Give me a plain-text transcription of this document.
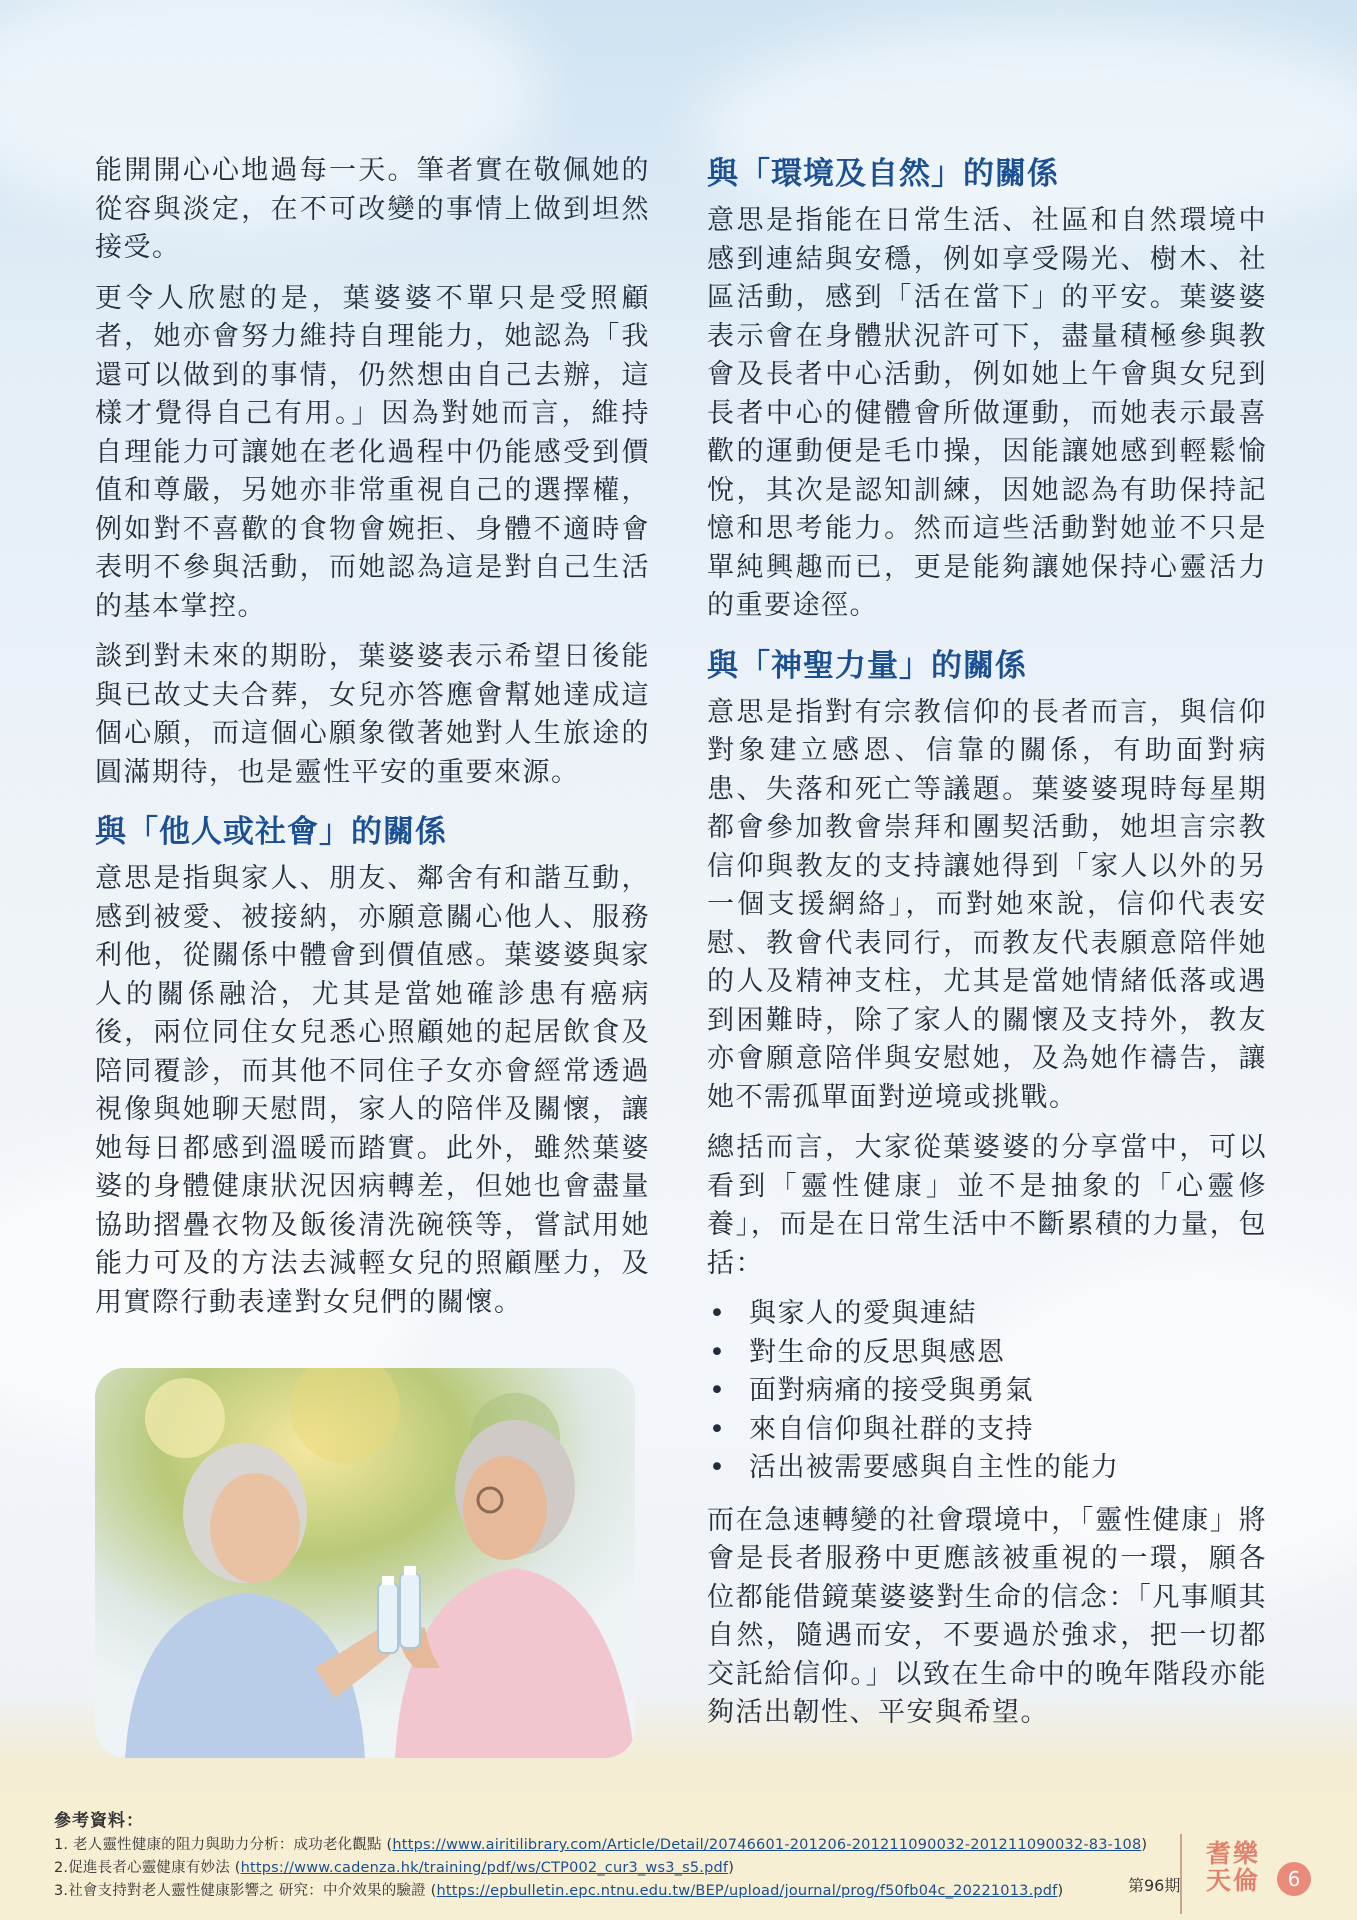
能開開心心地過每一天。筆者實在敬佩她的從容與淡定，在不可改變的事情上做到坦然接受。

更令人欣慰的是，葉婆婆不單只是受照顧者，她亦會努力維持自理能力，她認為「我還可以做到的事情，仍然想由自己去辦，這樣才覺得自己有用。」因為對她而言，維持自理能力可讓她在老化過程中仍能感受到價值和尊嚴，另她亦非常重視自己的選擇權，例如對不喜歡的食物會婉拒、身體不適時會表明不參與活動，而她認為這是對自己生活的基本掌控。

談到對未來的期盼，葉婆婆表示希望日後能與已故丈夫合葬，女兒亦答應會幫她達成這個心願，而這個心願象徵著她對人生旅途的圓滿期待，也是靈性平安的重要來源。

與「他人或社會」的關係

意思是指與家人、朋友、鄰舍有和諧互動，感到被愛、被接納，亦願意關心他人、服務利他，從關係中體會到價值感。葉婆婆與家人的關係融洽，尤其是當她確診患有癌病後，兩位同住女兒悉心照顧她的起居飲食及陪同覆診，而其他不同住子女亦會經常透過視像與她聊天慰問，家人的陪伴及關懷，讓她每日都感到溫暖而踏實。此外，雖然葉婆婆的身體健康狀況因病轉差，但她也會盡量協助摺疊衣物及飯後清洗碗筷等，嘗試用她能力可及的方法去減輕女兒的照顧壓力，及用實際行動表達對女兒們的關懷。

與「環境及自然」的關係

意思是指能在日常生活、社區和自然環境中感到連結與安穩，例如享受陽光、樹木、社區活動，感到「活在當下」的平安。葉婆婆表示會在身體狀況許可下，盡量積極參與教會及長者中心活動，例如她上午會與女兒到長者中心的健體會所做運動，而她表示最喜歡的運動便是毛巾操，因能讓她感到輕鬆愉悅，其次是認知訓練，因她認為有助保持記憶和思考能力。然而這些活動對她並不只是單純興趣而已，更是能夠讓她保持心靈活力的重要途徑。

與「神聖力量」的關係

意思是指對有宗教信仰的長者而言，與信仰對象建立感恩、信靠的關係，有助面對病患、失落和死亡等議題。葉婆婆現時每星期都會參加教會崇拜和團契活動，她坦言宗教信仰與教友的支持讓她得到「家人以外的另一個支援網絡」，而對她來說，信仰代表安慰、教會代表同行，而教友代表願意陪伴她的人及精神支柱，尤其是當她情緒低落或遇到困難時，除了家人的關懷及支持外，教友亦會願意陪伴與安慰她，及為她作禱告，讓她不需孤單面對逆境或挑戰。

總括而言，大家從葉婆婆的分享當中，可以看到「靈性健康」並不是抽象的「心靈修養」，而是在日常生活中不斷累積的力量，包括：

• 與家人的愛與連結
• 對生命的反思與感恩
• 面對病痛的接受與勇氣
• 來自信仰與社群的支持
• 活出被需要感與自主性的能力

而在急速轉變的社會環境中，「靈性健康」將會是長者服務中更應該被重視的一環，願各位都能借鏡葉婆婆對生命的信念：「凡事順其自然，隨遇而安，不要過於強求，把一切都交託給信仰。」以致在生命中的晚年階段亦能夠活出韌性、平安與希望。

參考資料：
1. 老人靈性健康的阻力與助力分析：成功老化觀點 (https://www.airitilibrary.com/Article/Detail/20746601-201206-201211090032-201211090032-83-108)
2.促進長者心靈健康有妙法 (https://www.cadenza.hk/training/pdf/ws/CTP002_cur3_ws3_s5.pdf)
3.社會支持對老人靈性健康影響之 研究：中介效果的驗證 (https://epbulletin.epc.ntnu.edu.tw/BEP/upload/journal/prog/f50fb04c_20221013.pdf)	第96期
耆樂
天倫	6
